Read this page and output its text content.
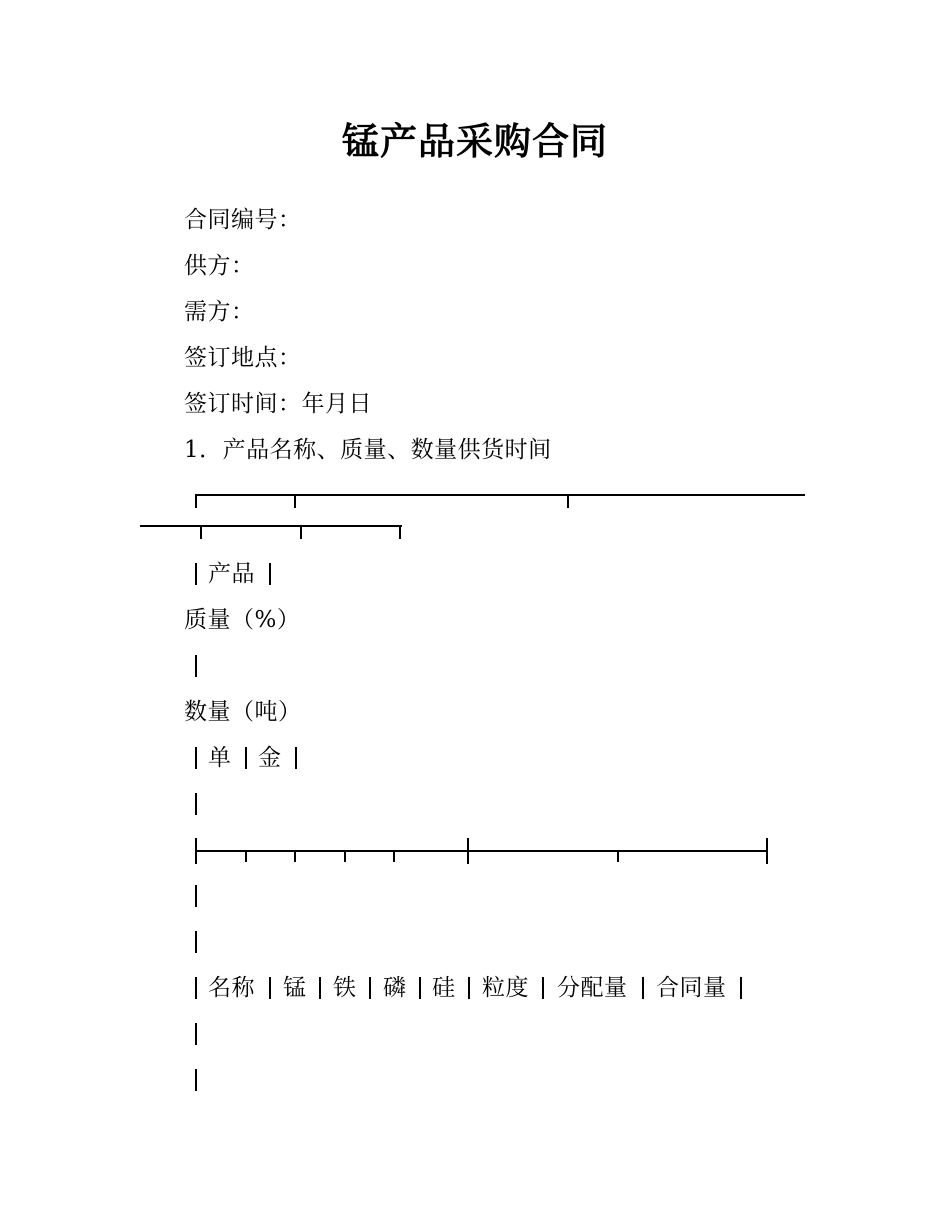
锰产品采购合同
合同编号：
供方：
需方：
签订地点：
签订时间：年月日
1．产品名称、质量、数量供货时间
产品
质量（%）
数量（吨）
单 金
名称 锰 铁 磷 硅 粒度 分配量 合同量
